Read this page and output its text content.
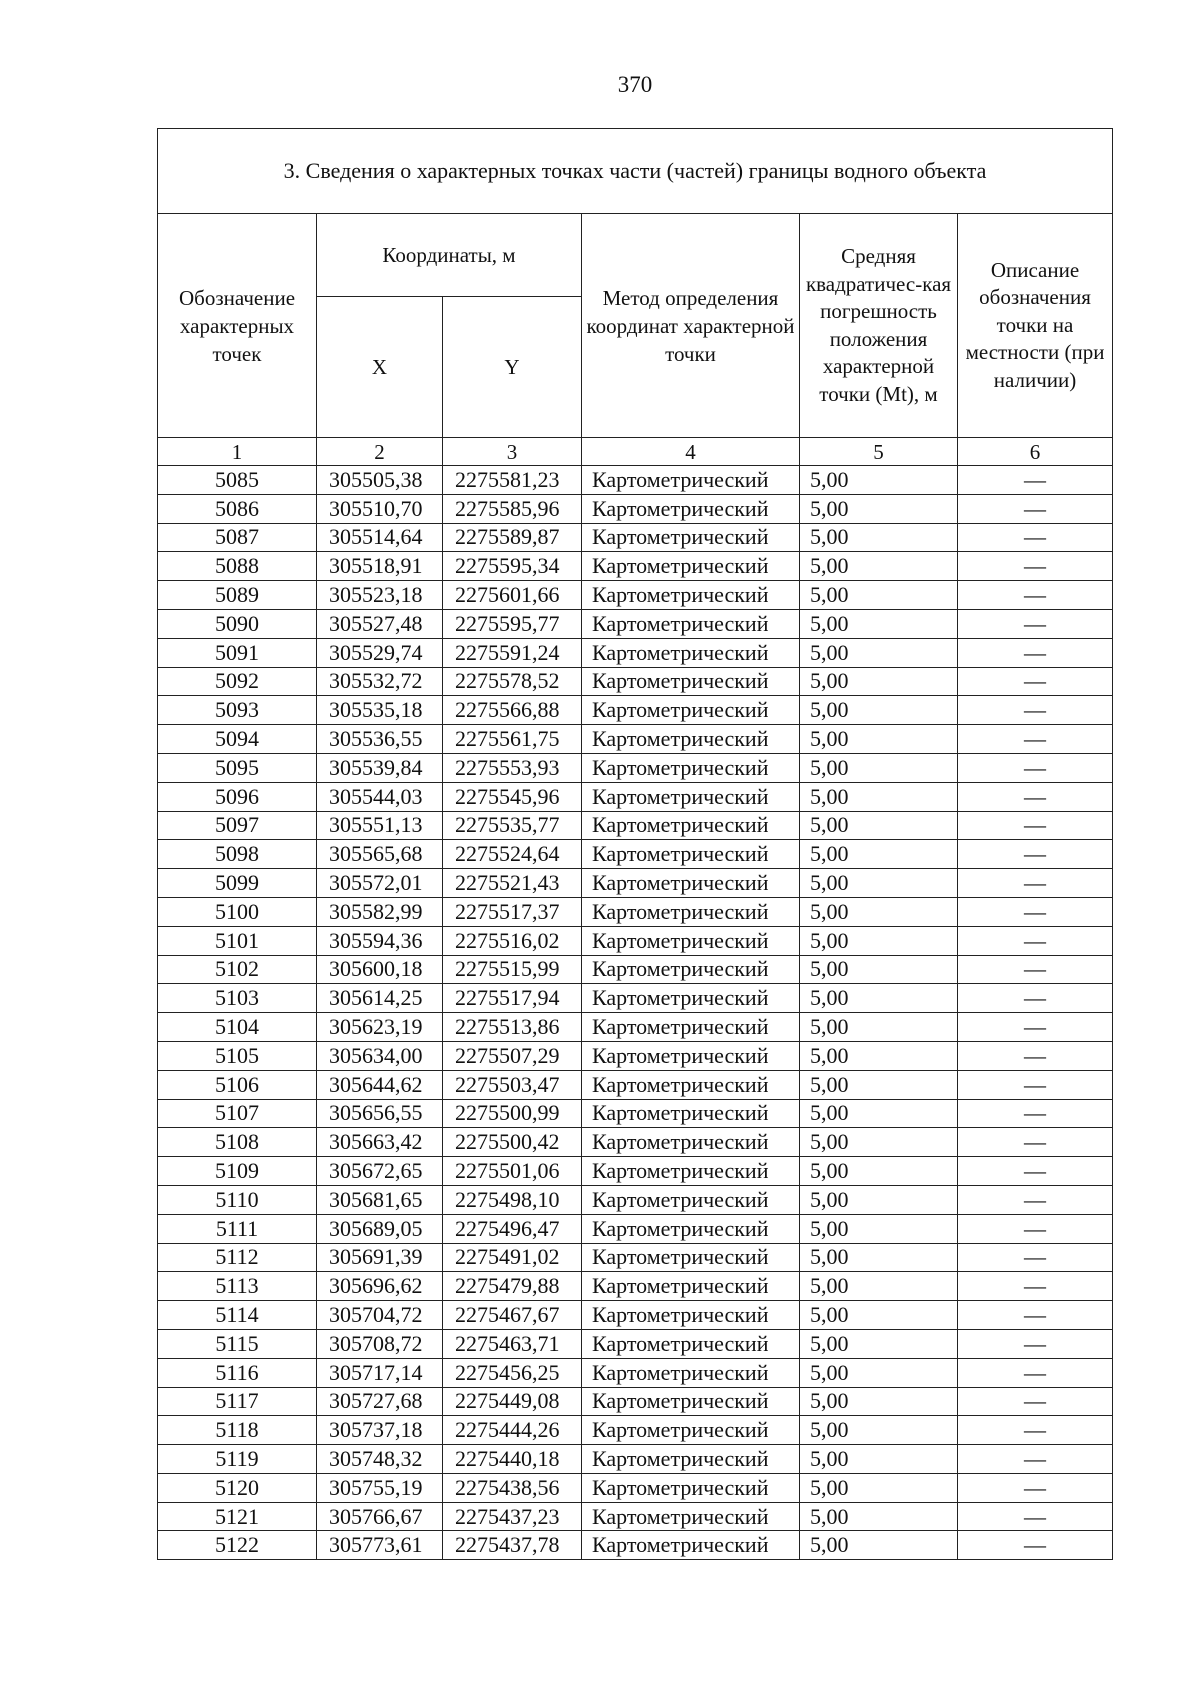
370
3. Сведения о характерных точках части (частей) границы водного объекта					
Обозначение характерных точек	Координаты, м		Метод определения координат характерной точки	Средняя квадратичес-кая погрешность положения характерной точки (Mt), м	Описание обозначения точки на местности (при наличии)
	X	Y			
1	2	3	4	5	6
5085	305505,38	2275581,23	Картометрический	5,00	—
5086	305510,70	2275585,96	Картометрический	5,00	—
5087	305514,64	2275589,87	Картометрический	5,00	—
5088	305518,91	2275595,34	Картометрический	5,00	—
5089	305523,18	2275601,66	Картометрический	5,00	—
5090	305527,48	2275595,77	Картометрический	5,00	—
5091	305529,74	2275591,24	Картометрический	5,00	—
5092	305532,72	2275578,52	Картометрический	5,00	—
5093	305535,18	2275566,88	Картометрический	5,00	—
5094	305536,55	2275561,75	Картометрический	5,00	—
5095	305539,84	2275553,93	Картометрический	5,00	—
5096	305544,03	2275545,96	Картометрический	5,00	—
5097	305551,13	2275535,77	Картометрический	5,00	—
5098	305565,68	2275524,64	Картометрический	5,00	—
5099	305572,01	2275521,43	Картометрический	5,00	—
5100	305582,99	2275517,37	Картометрический	5,00	—
5101	305594,36	2275516,02	Картометрический	5,00	—
5102	305600,18	2275515,99	Картометрический	5,00	—
5103	305614,25	2275517,94	Картометрический	5,00	—
5104	305623,19	2275513,86	Картометрический	5,00	—
5105	305634,00	2275507,29	Картометрический	5,00	—
5106	305644,62	2275503,47	Картометрический	5,00	—
5107	305656,55	2275500,99	Картометрический	5,00	—
5108	305663,42	2275500,42	Картометрический	5,00	—
5109	305672,65	2275501,06	Картометрический	5,00	—
5110	305681,65	2275498,10	Картометрический	5,00	—
5111	305689,05	2275496,47	Картометрический	5,00	—
5112	305691,39	2275491,02	Картометрический	5,00	—
5113	305696,62	2275479,88	Картометрический	5,00	—
5114	305704,72	2275467,67	Картометрический	5,00	—
5115	305708,72	2275463,71	Картометрический	5,00	—
5116	305717,14	2275456,25	Картометрический	5,00	—
5117	305727,68	2275449,08	Картометрический	5,00	—
5118	305737,18	2275444,26	Картометрический	5,00	—
5119	305748,32	2275440,18	Картометрический	5,00	—
5120	305755,19	2275438,56	Картометрический	5,00	—
5121	305766,67	2275437,23	Картометрический	5,00	—
5122	305773,61	2275437,78	Картометрический	5,00	—
